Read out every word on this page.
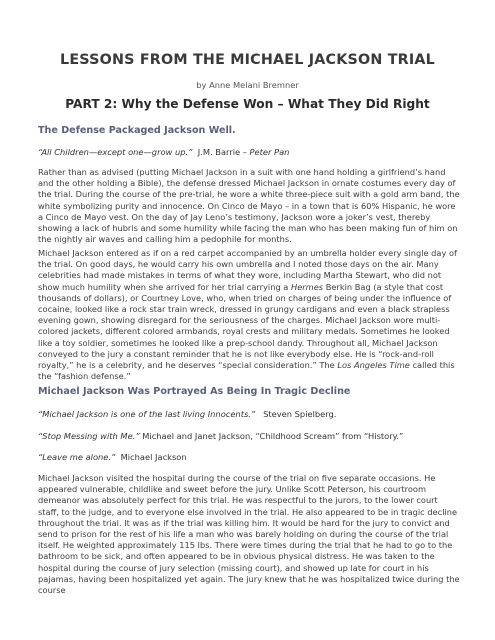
LESSONS FROM THE MICHAEL JACKSON TRIAL
by Anne Melani Bremner
PART 2: Why the Defense Won – What They Did Right
The Defense Packaged Jackson Well.
“All Children—except one—grow up.” J.M. Barrie – Peter Pan

Rather than as advised (putting Michael Jackson in a suit with one hand holding a girlfriend’s hand and the other holding a Bible), the defense dressed Michael Jackson in ornate costumes every day of the trial. During the course of the pre-trial, he wore a white three-piece suit with a gold arm band, the white symbolizing purity and innocence. On Cinco de Mayo – in a town that is 60% Hispanic, he wore a Cinco de Mayo vest. On the day of Jay Leno’s testimony, Jackson wore a joker’s vest, thereby showing a lack of hubris and some humility while facing the man who has been making fun of him on the nightly air waves and calling him a pedophile for months.

Michael Jackson entered as if on a red carpet accompanied by an umbrella holder every single day of the trial. On good days, he would carry his own umbrella and I noted those days on the air. Many celebrities had made mistakes in terms of what they wore, including Martha Stewart, who did not show much humility when she arrived for her trial carrying a Hermes Berkin Bag (a style that cost thousands of dollars), or Courtney Love, who, when tried on charges of being under the influence of cocaine, looked like a rock star train wreck, dressed in grungy cardigans and even a black strapless evening gown, showing disregard for the seriousness of the charges. Michael Jackson wore multi-colored jackets, different colored armbands, royal crests and military medals. Sometimes he looked like a toy soldier, sometimes he looked like a prep-school dandy. Throughout all, Michael Jackson conveyed to the jury a constant reminder that he is not like everybody else. He is “rock-and-roll royalty,” he is a celebrity, and he deserves “special consideration.” The Los Angeles Time called this the “fashion defense.”

Michael Jackson Was Portrayed As Being In Tragic Decline
“Michael Jackson is one of the last living Innocents.” Steven Spielberg.
“Stop Messing with Me.” Michael and Janet Jackson, “Childhood Scream” from “History.”
“Leave me alone.” Michael Jackson

Michael Jackson visited the hospital during the course of the trial on five separate occasions. He appeared vulnerable, childlike and sweet before the jury. Unlike Scott Peterson, his courtroom demeanor was absolutely perfect for this trial. He was respectful to the jurors, to the lower court staff, to the judge, and to everyone else involved in the trial. He also appeared to be in tragic decline throughout the trial. It was as if the trial was killing him. It would be hard for the jury to convict and send to prison for the rest of his life a man who was barely holding on during the course of the trial itself. He weighted approximately 115 lbs. There were times during the trial that he had to go to the bathroom to be sick, and often appeared to be in obvious physical distress. He was taken to the hospital during the course of jury selection (missing court), and showed up late for court in his pajamas, having been hospitalized yet again. The jury knew that he was hospitalized twice during the course
